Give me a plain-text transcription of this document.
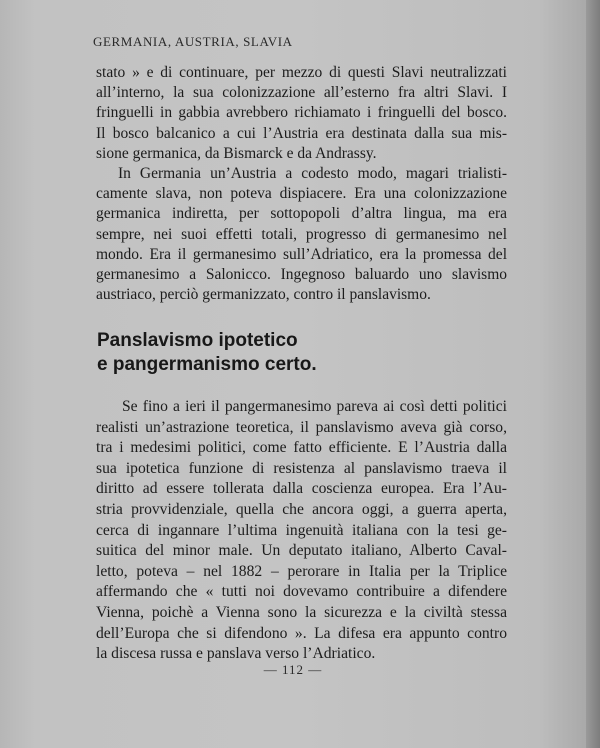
GERMANIA, AUSTRIA, SLAVIA
stato » e di continuare, per mezzo di questi Slavi neutralizzati
all’interno, la sua colonizzazione all’esterno fra altri Slavi. I
fringuelli in gabbia avrebbero richiamato i fringuelli del bosco.
Il bosco balcanico a cui l’Austria era destinata dalla sua mis-
sione germanica, da Bismarck e da Andrassy.
In Germania un’Austria a codesto modo, magari trialisti-
camente slava, non poteva dispiacere. Era una colonizzazione
germanica indiretta, per sottopopoli d’altra lingua, ma era
sempre, nei suoi effetti totali, progresso di germanesimo nel
mondo. Era il germanesimo sull’Adriatico, era la promessa del
germanesimo a Salonicco. Ingegnoso baluardo uno slavismo
austriaco, perciò germanizzato, contro il panslavismo.
Panslavismo ipotetico
e pangermanismo certo.
Se fino a ieri il pangermanesimo pareva ai così detti politici
realisti un’astrazione teoretica, il panslavismo aveva già corso,
tra i medesimi politici, come fatto efficiente. E l’Austria dalla
sua ipotetica funzione di resistenza al panslavismo traeva il
diritto ad essere tollerata dalla coscienza europea. Era l’Au-
stria provvidenziale, quella che ancora oggi, a guerra aperta,
cerca di ingannare l’ultima ingenuità italiana con la tesi ge-
suitica del minor male. Un deputato italiano, Alberto Caval-
letto, poteva – nel 1882 – perorare in Italia per la Triplice
affermando che « tutti noi dovevamo contribuire a difendere
Vienna, poichè a Vienna sono la sicurezza e la civiltà stessa
dell’Europa che si difendono ». La difesa era appunto contro
la discesa russa e panslava verso l’Adriatico.
— 112 —
